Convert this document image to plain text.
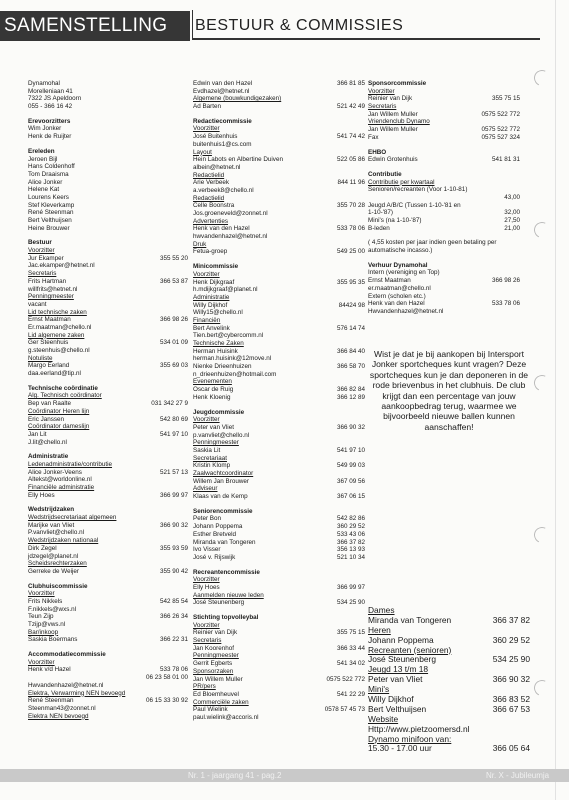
SAMENSTELLING	BESTUUR & COMMISSIES
Dynamohal
Morelleniaan 41
7322 JS Apeldoorn
055 - 366 16 42
Erevoorzitters
Wim Jonker
Henk de Ruijter
Ereleden
Jeroen Bijl
Hans Coldenhoff
Tom Draaisma
Alice Jonker
Helene Kat
Lourens Keers
Stef Kleverkamp
René Steenman
Bert Velthuijsen
Heine Brouwer
Bestuur
Voorzitter
Jur Ekamper	355 55 20
Jac.ekamper@hetnet.nl
Secretaris
Frits Hartman	366 53 87
willfrits@hetnet.nl
Penningmeester
vacant
Lid technische zaken
Ernst Maatman	366 98 26
Er.maatman@chello.nl
Lid algemene zaken
Ger Steenhuis	534 01 09
g.steenhuis@chello.nl
Notuliste
Margo Eerland	355 69 03
daa.eerland@tip.nl
Technische coördinatie
Alg. Technisch coördinator
Bep van Raalte	031 342 27 9
Coördinator Heren lijn
Eric Janssen	542 80 69
Coördinator dameslijn
Jan Lit	541 97 10
J.lit@chello.nl
Administratie
Ledenadministratie/contributie
Alice Jonker-Veens	521 57 13
Altekst@worldonline.nl
Financiële administratie
Elly Hoes	366 99 97
Wedstrijdzaken
Wedstrijdsecretariaat algemeen
Marijke van Vliet	366 90 32
P.vanvliet@chello.nl
Wedstrijdzaken nationaal
Dirk Zegel	355 93 59
jdzegel@planet.nl
Scheidsrechterzaken
Gerreke de Weijer	355 90 42
Clubhuiscommissie
Voorzitter
Frits Nikkels	542 85 54
F.nikkels@wxs.nl
Teun Zijp	366 26 34
Tzijp@vws.nl
Bar/inkoop
Saskia Boermans	366 22 31
Accommodatiecommissie
Voorzitter
Henk v/d Hazel	533 78 06
06 23 58 01 00
Hwvandenhazel@hetnet.nl
Elektra, Verwarming NEN bevoegd
René Steenman	06 15 33 30 92
Steenman43@zonnet.nl
Elektra NEN bevoegd
Edwin van den Hazel	366 81 85
Evdhazel@hetnet.nl
Algemene (bouwkundigezaken)
Ad Barten	521 42 49
Redactiecommissie
Voorzitter
José Buitenhuis	541 74 42
buitenhuis1@cs.com
Layout
Hein Labots en Albertine Duiven	522 05 86
albein@hetnet.nl
Redactielid
Arie Verbeek	844 11 96
a.verbeek8@chello.nl
Redactielid
Celle Boonstra	355 70 28
Jos.groeneveld@zonnet.nl
Advertenties
Henk van den Hazel	533 78 06
hwvandenhazel@hetnet.nl
Druk
Fetua-groep	549 25 00
Minicommissie
Voorzitter
Henk Dijkgraaf	355 95 35
h.mdijkgraaf@planet.nl
Administratie
Willy Dijkhof	84424 98
Willy15@chello.nl
Financiën
Bert Anvelink	576 14 74
Tien.bert@cybercomm.nl
Technische Zaken
Herman Huisink	366 84 40
herman.huisink@12move.nl
Nienke Drieenhuizen	366 58 70
n_drieenhuizen@hotmail.com
Evenementen
Oscar de Ruig	366 82 84
Henk Kloenig	366 12 89
Jeugdcommissie
Voorzitter
Peter van Vliet	366 90 32
p.vanvliet@chello.nl
Penningmeester
Saskia Lit	541 97 10
Secretariaat
Kristin Klomp	549 99 03
Zaalwachtcoordinator
Willem Jan Brouwer	367 09 56
Adviseur
Klaas van de Kemp	367 06 15
Seniorencommissie
Peter Bon	542 82 86
Johann Poppema	360 29 52
Esther Bretveld	533 43 06
Miranda van Tongeren	366 37 82
Ivo Visser	356 13 93
José v. Rijswijk	521 10 34
Recreantencommissie
Voorzitter
Elly Hoes	366 99 97
Aanmelden nieuwe leden
José Steunenberg	534 25 90
Stichting topvolleybal
Voorzitter
Reinier van Dijk	355 75 15
Secretaris
Jan Koorenhof	366 33 44
Penningmeester
Gerrit Egberts	541 34 02
Sponsorzaken
Jan Willem Muller	0575 522 772
PR/pers
Ed Bloemheuvel	541 22 29
Commerciële zaken
Paul Wielink	0578 57 45 73
paul.wielink@accoris.nl
Sponsorcommissie
Voorzitter
Reinier van Dijk	355 75 15
Secretaris
Jan Willem Muller	0575 522 772
Vriendenclub Dynamo
Jan Willem Muller	0575 522 772
Fax	0575 527 324
EHBO
Edwin Grotenhuis	541 81 31
Contributie
Contributie per kwartaal
Senioren/recreanten (Voor 1-10-81)
43,00
Jeugd A/B/C (Tussen 1-10-'81 en
1-10-'87)	32,00
Mini's (na 1-10-'87)	27,50
B-leden	21,00
( 4,55 kosten per jaar indien geen betaling per
automatische incasso.)
Verhuur Dynamohal
Intern (vereniging en Top)
Ernst Maatman	366 98 26
er.maatman@chello.nl
Extern (scholen etc.)
Henk van den Hazel	533 78 06
Hwvandenhazel@hetnet.nl
Wist je dat je bij aankopen bij Intersport Jonker sportcheques kunt vragen? Deze sportcheques kun je dan deponeren in de rode brievenbus in het clubhuis. De club krijgt dan een percentage van jouw aankoopbedrag terug, waarmee we bijvoorbeeld nieuwe ballen kunnen aanschaffen!
Dames
Miranda van Tongeren	366 37 82
Heren
Johann Poppema	360 29 52
Recreanten (senioren)
José Steunenberg	534 25 90
Jeugd 13 t/m 18
Peter van Vliet	366 90 32
Mini's
Willy Dijkhof	366 83 52
Bert Velthuijsen	366 67 53
Website
Http://www.pietzoomersd.nl
Dynamo minifoon van:
15.30 - 17.00 uur	366 05 64
Nr. 1 - jaargang 41 - pag.2	Nr. X - Jubileumja
